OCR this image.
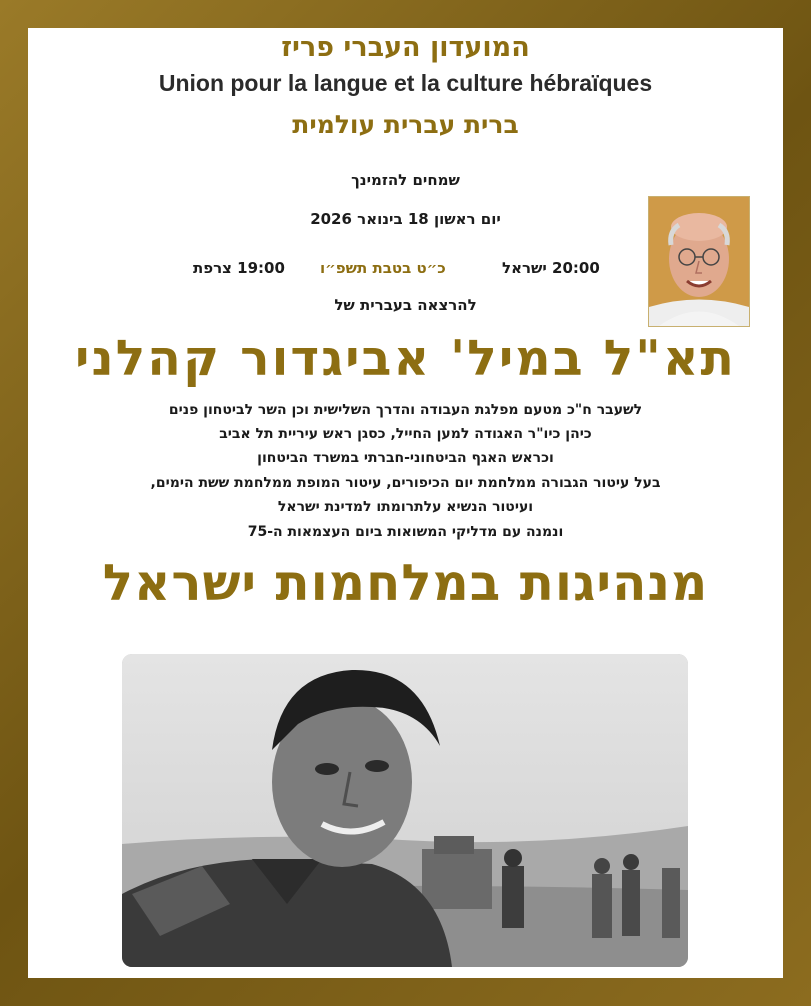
המועדון העברי פריז
Union pour la langue et la culture hébraïques
ברית עברית עולמית
שמחים להזמינך
יום ראשון 18 בינואר 2026
20:00 ישראל
כ״ט בטבת תשפ״ו
19:00 צרפת
להרצאה בעברית של
תא"ל במיל' אביגדור קהלני
לשעבר ח"כ מטעם מפלגת העבודה והדרך השלישית וכן השר לביטחון פנים
כיהן כיו"ר האגודה למען החייל, כסגן ראש עיריית תל אביב
וכראש האגף הביטחוני-חברתי במשרד הביטחון
בעל עיטור הגבורה ממלחמת יום הכיפורים, עיטור המופת ממלחמת ששת הימים,
ועיטור הנשיא עלתרומתו למדינת ישראל
ונמנה עם מדליקי המשואות ביום העצמאות ה-75
מנהיגות במלחמות ישראל
